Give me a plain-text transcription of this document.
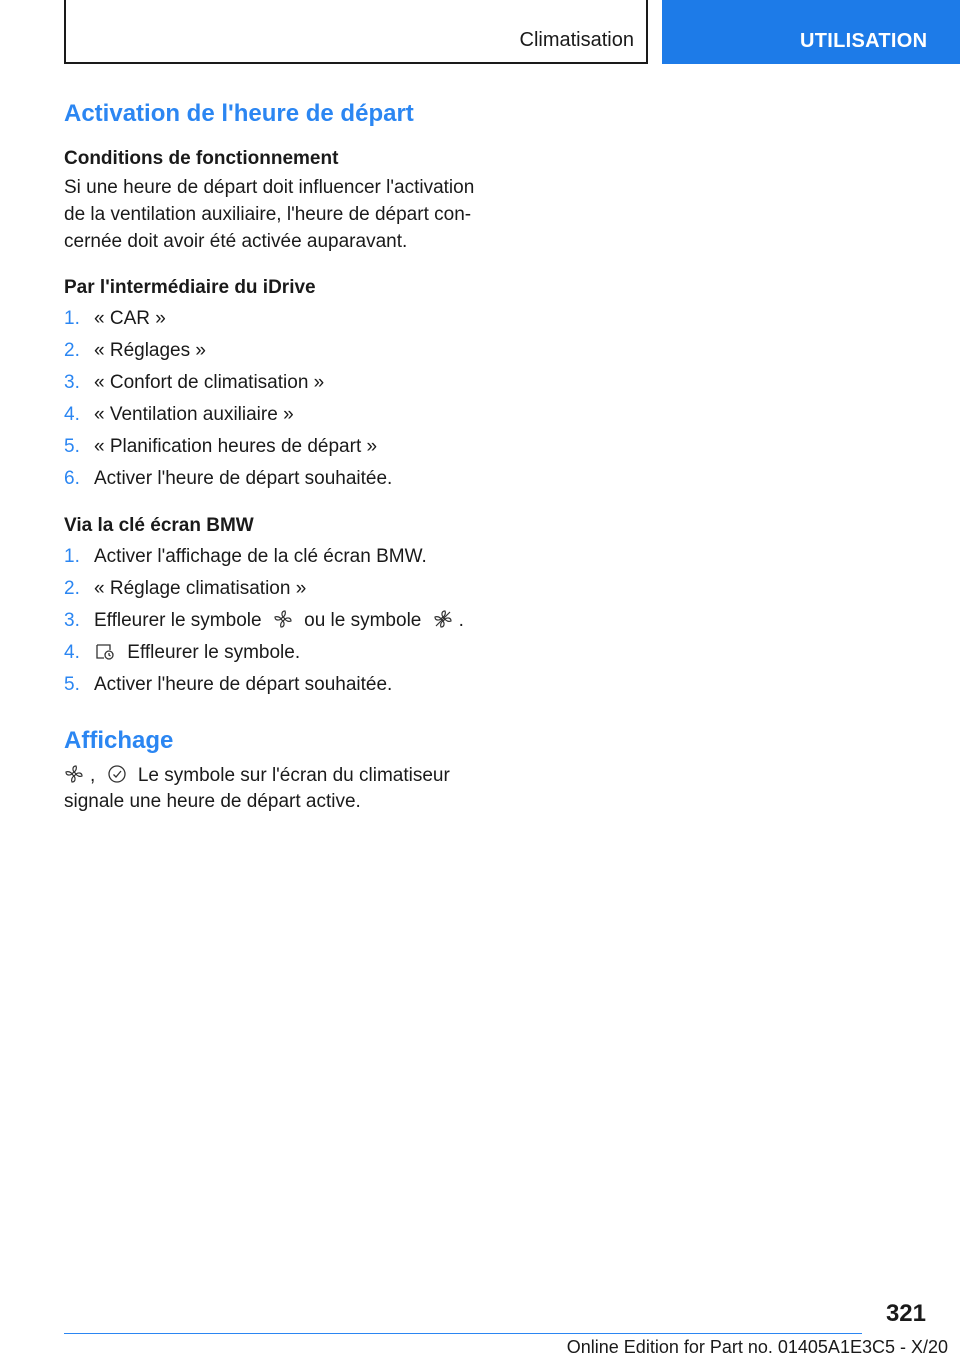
Climatisation	UTILISATION
Activation de l'heure de départ
Conditions de fonctionnement
Si une heure de départ doit influencer l'activation de la ventilation auxiliaire, l'heure de départ con-cernée doit avoir été activée auparavant.
Par l'intermédiaire du iDrive
1. « CAR »
2. « Réglages »
3. « Confort de climatisation »
4. « Ventilation auxiliaire »
5. « Planification heures de départ »
6. Activer l'heure de départ souhaitée.
Via la clé écran BMW
1. Activer l'affichage de la clé écran BMW.
2. « Réglage climatisation »
3. Effleurer le symbole ou le symbole .
4.	Effleurer le symbole.
5. Activer l'heure de départ souhaitée.
Affichage
, Le symbole sur l'écran du climatiseur
signale une heure de départ active.
321
Online Edition for Part no. 01405A1E3C5 - X/20
